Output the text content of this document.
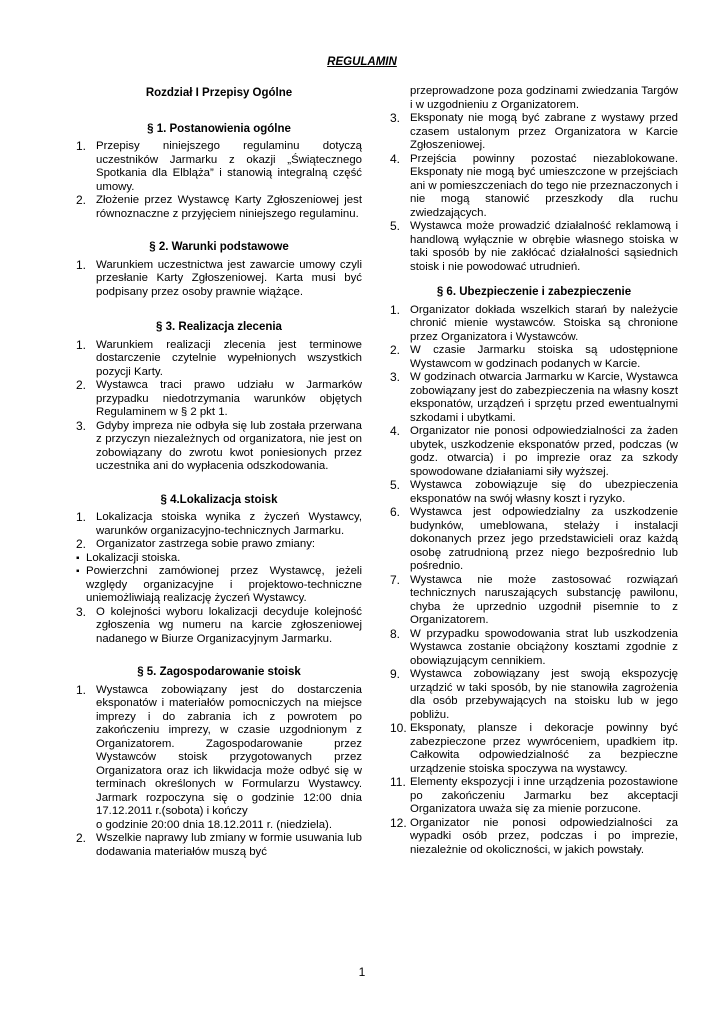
REGULAMIN
Rozdział I Przepisy Ogólne
§ 1. Postanowienia ogólne
1. Przepisy niniejszego regulaminu dotyczą uczestników Jarmarku z okazji „Świątecznego Spotkania dla Elbląża” i stanowią integralną część umowy.
2. Złożenie przez Wystawcę Karty Zgłoszeniowej jest równoznaczne z przyjęciem niniejszego regulaminu.
§ 2. Warunki podstawowe
1. Warunkiem uczestnictwa jest zawarcie umowy czyli przesłanie Karty Zgłoszeniowej. Karta musi być podpisany przez osoby prawnie wiążące.
§ 3. Realizacja zlecenia
1. Warunkiem realizacji zlecenia jest terminowe dostarczenie czytelnie wypełnionych wszystkich pozycji Karty.
2. Wystawca traci prawo udziału w Jarmarków przypadku niedotrzymania warunków objętych Regulaminem w § 2 pkt 1.
3. Gdyby impreza nie odbyła się lub została przerwana z przyczyn niezależnych od organizatora, nie jest on zobowiązany do zwrotu kwot poniesionych przez uczestnika ani do wypłacenia odszkodowania.
§ 4.Lokalizacja stoisk
1. Lokalizacja stoiska wynika z życzeń Wystawcy, warunków organizacyjno-technicznych Jarmarku.
2. Organizator zastrzega sobie prawo zmiany:
▪ Lokalizacji stoiska.
▪ Powierzchni zamówionej przez Wystawcę, jeżeli względy organizacyjne i projektowo-techniczne uniemożliwiają realizację życzeń Wystawcy.
3. O kolejności wyboru lokalizacji decyduje kolejność zgłoszenia wg numeru na karcie zgłoszeniowej nadanego w Biurze Organizacyjnym Jarmarku.
§ 5. Zagospodarowanie stoisk
1. Wystawca zobowiązany jest do dostarczenia eksponatów i materiałów pomocniczych na miejsce imprezy i do zabrania ich z powrotem po zakończeniu imprezy, w czasie uzgodnionym z Organizatorem. Zagospodarowanie przez Wystawców stoisk przygotowanych przez Organizatora oraz ich likwidacja może odbyć się w terminach określonych w Formularzu Wystawcy. Jarmark rozpoczyna się o godzinie 12:00 dnia 17.12.2011 r.(sobota) i kończy
o godzinie 20:00 dnia 18.12.2011 r. (niedziela).
2. Wszelkie naprawy lub zmiany w formie usuwania lub dodawania materiałów muszą być
przeprowadzone poza godzinami zwiedzania Targów i w uzgodnieniu z Organizatorem.
3. Eksponaty nie mogą być zabrane z wystawy przed czasem ustalonym przez Organizatora w Karcie Zgłoszeniowej.
4. Przejścia powinny pozostać niezablokowane. Eksponaty nie mogą być umieszczone w przejściach ani w pomieszczeniach do tego nie przeznaczonych i nie mogą stanowić przeszkody dla ruchu zwiedzających.
5. Wystawca może prowadzić działalność reklamową i handlową wyłącznie w obrębie własnego stoiska w taki sposób by nie zakłócać działalności sąsiednich stoisk i nie powodować utrudnień.
§ 6. Ubezpieczenie i zabezpieczenie
1. Organizator dokłada wszelkich starań by należycie chronić mienie wystawców. Stoiska są chronione przez Organizatora i Wystawców.
2. W czasie Jarmarku stoiska są udostępnione Wystawcom w godzinach podanych w Karcie.
3. W godzinach otwarcia Jarmarku w Karcie, Wystawca zobowiązany jest do zabezpieczenia na własny koszt eksponatów, urządzeń i sprzętu przed ewentualnymi szkodami i ubytkami.
4. Organizator nie ponosi odpowiedzialności za żaden ubytek, uszkodzenie eksponatów przed, podczas (w godz. otwarcia) i po imprezie oraz za szkody spowodowane działaniami siły wyższej.
5. Wystawca zobowiązuje się do ubezpieczenia eksponatów na swój własny koszt i ryzyko.
6. Wystawca jest odpowiedzialny za uszkodzenie budynków, umeblowana, stelaży i instalacji dokonanych przez jego przedstawicieli oraz każdą osobę zatrudnioną przez niego bezpośrednio lub pośrednio.
7. Wystawca nie może zastosować rozwiązań technicznych naruszających substancję pawilonu, chyba że uprzednio uzgodnił pisemnie to z Organizatorem.
8. W przypadku spowodowania strat lub uszkodzenia Wystawca zostanie obciążony kosztami zgodnie z obowiązującym cennikiem.
9. Wystawca zobowiązany jest swoją ekspozycję urządzić w taki sposób, by nie stanowiła zagrożenia dla osób przebywających na stoisku lub w jego pobliżu.
10. Eksponaty, plansze i dekoracje powinny być zabezpieczone przez wywróceniem, upadkiem itp. Całkowita odpowiedzialność za bezpieczne urządzenie stoiska spoczywa na wystawcy.
11. Elementy ekspozycji i inne urządzenia pozostawione po zakończeniu Jarmarku bez akceptacji Organizatora uważa się za mienie porzucone.
12. Organizator nie ponosi odpowiedzialności za wypadki osób przez, podczas i po imprezie, niezależnie od okoliczności, w jakich powstały.
1
